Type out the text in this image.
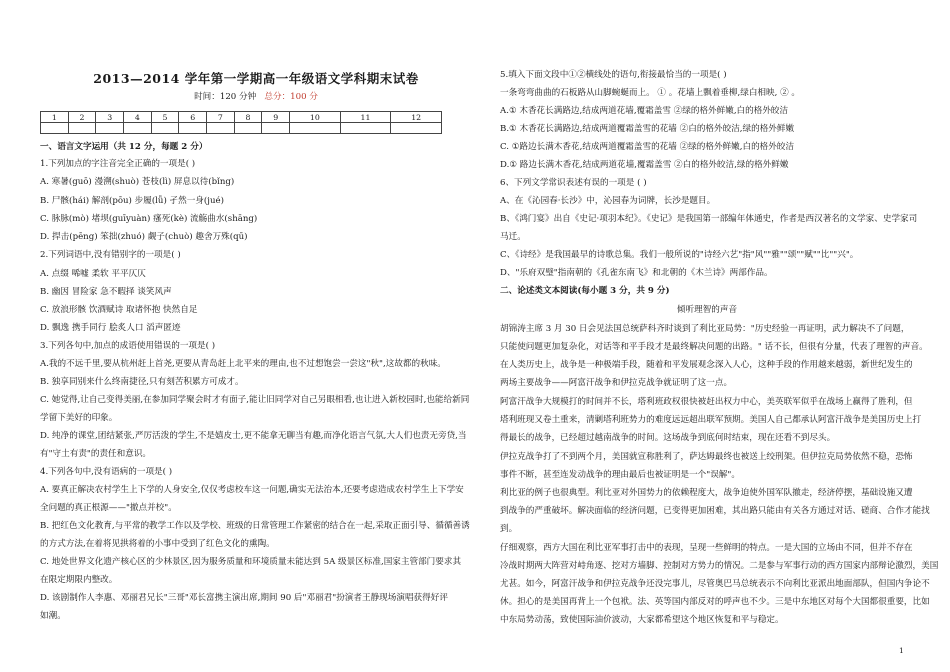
2013—2014 学年第一学期高一年级语文学科期末试卷
时间：120 分钟 总分：100 分
1	2	3	4	5	6	7	8	9	10	11	12

一、语言文字运用（共 12 分，每题 2 分）
1.下列加点的字注音完全正确的一项是( )
A. 寒暑(guō) 漫溯(shuò) 苍枝(lì) 屏息以待(bǐng)
B. 尸骸(hái) 解剖(pōu) 步履(lǚ) 孑然一身(jué)
C. 脉脉(mò) 堵坝(guīyuàn) 瘙死(kè) 流觞曲水(shāng)
D. 捍击(pēng) 笨拙(zhuó) 觑子(chuò) 趣舍万殊(qū)
2.下列词语中,没有错别字的一项是( )
A. 点缀 唏嘘 柔软 平平仄仄
B. 幽因 冒险家 急不暇择 谈笑风声
C. 放浪形骸 饮酒赋诗 取诸怀抱 快然自足
D. 飘逸 携手同行 脍炙人口 滔声匿迹
3.下列各句中,加点的成语使用错误的一项是( )
A.我的不远千里,要从杭州赶上首尧,更要从青岛赶上北平来的理由,也不过想饱尝一尝这"秋",这故都的秋味。
B. 独享同别来什么终南捷径,只有刻苦积累方可成才。
C. 她觉得,让自己变得美丽,在参加同学聚会时才有面子,能让旧同学对自己另眼相看,也让进入新校园时,也能给新同
学留下美好的印象。
D. 纯净的课堂,团结紧张,严厉活泼的学生,不是嬉皮士,更不能拿无聊当有趣,而净化语言气氛,大人们也责无旁贷,当
有"守土有责"的责任和意识。
4.下列各句中,没有语病的一项是( )
A. 要真正解决农村学生上下学的人身安全,仅仅考虑校车这一问题,确实无法治本,还要考虑造成农村学生上下学安
全问题的真正根源——"撤点并校"。
B. 把红色文化教育,与平常的教学工作以及学校、班级的日常管理工作紧密的结合在一起,采取正面引导、循循善诱
的方式方法,在着将见拱将着的小事中受到了红色文化的熏陶。
C. 地处世界文化遗产核心区的少林景区,因为服务质量和环境质量未能达到 5A 级景区标准,国家主管部门要求其
在限定期限内整改。
D. 该剧制作人李惠、邓丽君兄长"三哥"邓长富携主演出席,期间 90 后"邓丽君"扮演者王静现场演唱获得好评
如潮。
5.填入下面文段中①②横线处的语句,衔接最恰当的一项是( )
一条弯弯曲曲的石板路从山脚蜿蜒而上。 ① 。花墙上飘着垂柳,绿白相映, ② 。
A.① 木香花长满路边,结成两道花墙,覆霜盖雪 ②绿的格外鲜嫩,白的格外皎洁
B.① 木香花长满路边,结成两道覆霜盖雪的花墙 ②白的格外皎洁,绿的格外鲜嫩
C. ①路边长满木香花,结成两道覆霜盖雪的花墙 ②绿的格外鲜嫩,白的格外皎洁
D.① 路边长满木香花,结成两道花墙,覆霜盖雪 ②白的格外皎洁,绿的格外鲜嫩
6、下列文学常识表述有误的一项是 ( )
A、在《沁园春·长沙》中，沁园春为词牌，长沙是题目。
B、《鸿门宴》出自《史记·项羽本纪》。《史记》是我国第一部编年体通史，作者是西汉著名的文学家、史学家司
马迁。
C、《诗经》是我国最早的诗歌总集。我们一般所说的"诗经六艺"指"风""雅""颂""赋""比""兴"。
D、"乐府双璧"指南朝的《孔雀东南飞》和北朝的《木兰诗》两部作品。
二、论述类文本阅读(每小题 3 分，共 9 分)
倾听理智的声音
胡锦涛主席 3 月 30 日会见法国总统萨科齐时谈到了利比亚局势："历史经验一再证明，武力解决不了问题，
只能使问题更加复杂化，对话等和平手段才是最终解决问题的出路。" 话不长，但很有分量，代表了理智的声音。
在人类历史上，战争是一种极端手段，随着和平发展观念深入人心，这种手段的作用越来越弱，新世纪发生的
两场主要战争——阿富汗战争和伊拉克战争就证明了这一点。
阿富汗战争大规模打的时间并不长，塔利班政权很快被赶出权力中心，美英联军似乎在战场上赢得了胜利，但
塔利班现又卷土重来，清剿塔利班势力的难度远远超出联军预期。美国人自己都承认阿富汗战争是美国历史上打
得最长的战争，已经超过越南战争的时间。这场战争到底何时结束，现在还看不到尽头。
伊拉克战争打了不到两个月，美国就宣称胜利了，萨达姆最终也被送上绞刑架。但伊拉克局势依然不稳，恐怖
事件不断，甚至连发动战争的理由最后也被证明是一个"误解"。
利比亚的例子也很典型。利比亚对外国势力的依赖程度大，战争迫使外国军队撤走，经济停摆，基础设施又遭
到战争的严重破坏。解决面临的经济问题，已变得更加困难，其出路只能由有关各方通过对话、磋商、合作才能找
到。
仔细观察，西方大国在利比亚军事打击中的表现，呈现一些鲜明的特点。一是大国的立场由不同，但并不存在
冷战时期两大阵营对峙角逐、挖对方墙脚、控制对方势力的情况。二是参与军事行动的西方国家内部辩论激烈，美国
尤甚。如今，阿富汗战争和伊拉克战争还没完事儿，尽管奥巴马总统表示不向利比亚派出地面部队，但国内争论不
休。担心的是美国再背上一个包袱。法、英等国内部反对的呼声也不少。三是中东地区对每个大国都很重要，比如
中东局势动荡，致使国际油价波动，大家都希望这个地区恢复和平与稳定。
1
